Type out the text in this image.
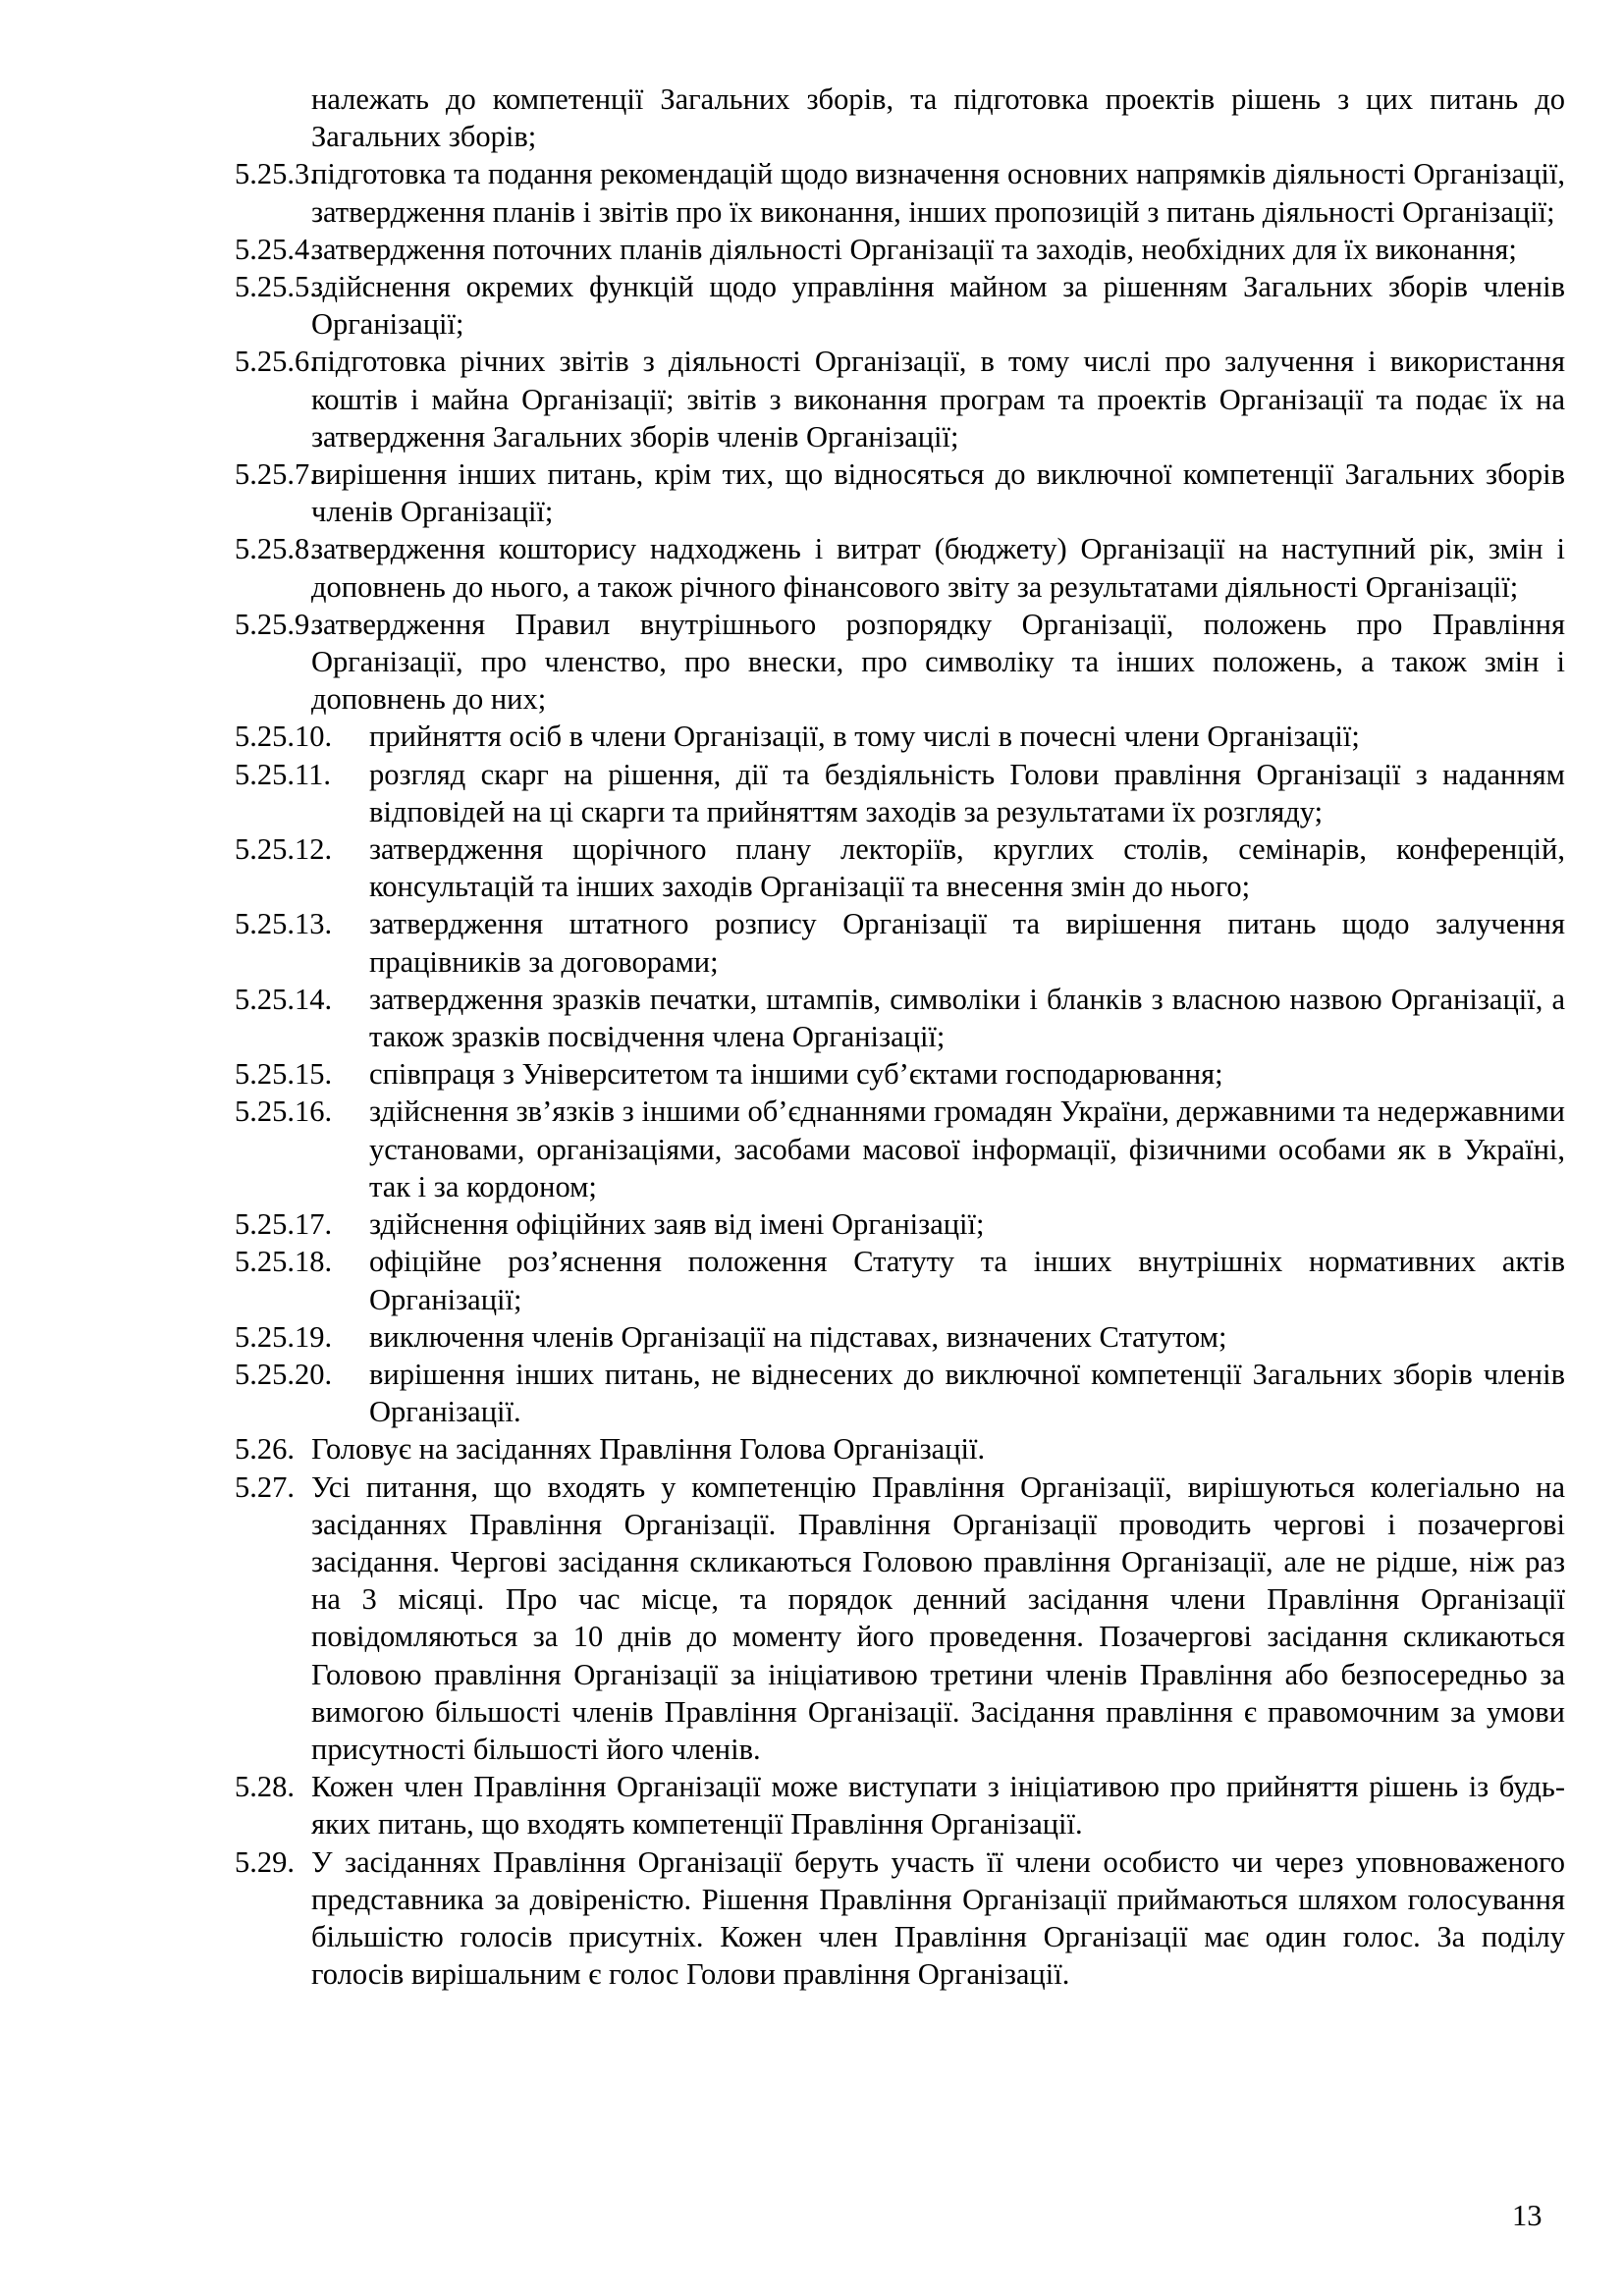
належать до компетенції Загальних зборів, та підготовка проектів рішень з цих питань до Загальних зборів;
5.25.3.
підготовка та подання рекомендацій щодо визначення основних напрямків діяльності Організації, затвердження планів і звітів про їх виконання, інших пропозицій з питань діяльності Організації;
5.25.4.
затвердження поточних планів діяльності Організації та заходів, необхідних для їх виконання;
5.25.5.
здійснення окремих функцій щодо управління майном за рішенням Загальних зборів членів Організації;
5.25.6.
підготовка річних звітів з діяльності Організації, в тому числі про залучення і використання коштів і майна Організації; звітів з виконання програм та проектів Організації та подає їх на затвердження Загальних зборів членів Організації;
5.25.7.
вирішення інших питань, крім тих, що відносяться до виключної компетенції Загальних зборів членів Організації;
5.25.8.
затвердження кошторису надходжень і витрат (бюджету) Організації на наступний рік, змін і доповнень до нього, а також річного фінансового звіту за результатами діяльності Організації;
5.25.9.
затвердження Правил внутрішнього розпорядку Організації, положень про Правління Організації, про членство, про внески, про символіку та інших положень, а також змін і доповнень до них;
5.25.10.	прийняття осіб в члени Організації, в тому числі в почесні члени Організації;
5.25.11.	розгляд скарг на рішення, дії та бездіяльність Голови правління Організації з наданням відповідей на ці скарги та прийняттям заходів за результатами їх розгляду;
5.25.12.	затвердження щорічного плану лекторіїв, круглих столів, семінарів, конференцій, консультацій та інших заходів Організації та внесення змін до нього;
5.25.13.	затвердження штатного розпису Організації та вирішення питань щодо залучення працівників за договорами;
5.25.14.	затвердження зразків печатки, штампів, символіки і бланків з власною назвою Організації, а також зразків посвідчення члена Організації;
5.25.15.	співпраця з Університетом та іншими суб’єктами господарювання;
5.25.16.	здійснення зв’язків з іншими об’єднаннями громадян України, державними та недержавними установами, організаціями, засобами масової інформації, фізичними особами як в Україні, так і за кордоном;
5.25.17.	здійснення офіційних заяв від імені Організації;
5.25.18.	офіційне роз’яснення положення Статуту та інших внутрішніх нормативних актів Організації;
5.25.19.	виключення членів Організації на підставах, визначених Статутом;
5.25.20.	вирішення інших питань, не віднесених до виключної компетенції Загальних зборів членів Організації.
5.26. Головує на засіданнях Правління Голова Організації.
5.27. Усі питання, що входять у компетенцію Правління Організації, вирішуються колегіально на засіданнях Правління Організації. Правління Організації проводить чергові і позачергові засідання. Чергові засідання скликаються Головою правління Організації, але не рідше, ніж раз на 3 місяці. Про час місце, та порядок денний засідання члени Правління Організації повідомляються за 10 днів до моменту його проведення. Позачергові засідання скликаються Головою правління Організації за ініціативою третини членів Правління або безпосередньо за вимогою більшості членів Правління Організації. Засідання правління є правомочним за умови присутності більшості його членів.
5.28. Кожен член Правління Організації може виступати з ініціативою про прийняття рішень із будь-яких питань, що входять компетенції Правління Організації.
5.29. У засіданнях Правління Організації беруть участь її члени особисто чи через уповноваженого представника за довіреністю. Рішення Правління Організації приймаються шляхом голосування більшістю голосів присутніх. Кожен член Правління Організації має один голос. За поділу голосів вирішальним є голос Голови правління Організації.
13
